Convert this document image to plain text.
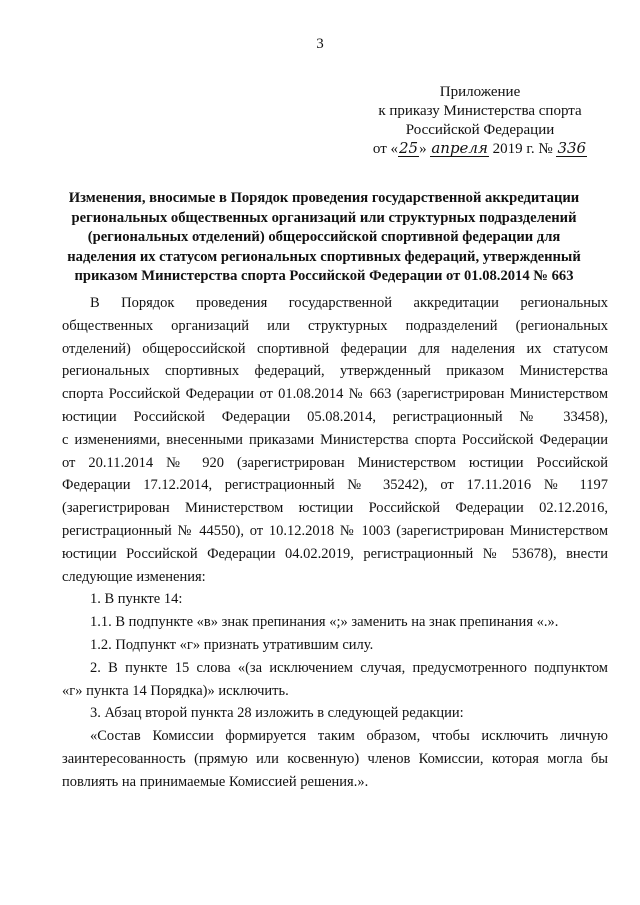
3
Приложение
к приказу Министерства спорта
Российской Федерации
от «25» апреля 2019 г. № 336
Изменения, вносимые в Порядок проведения государственной аккредитации
региональных общественных организаций или структурных подразделений
(региональных отделений) общероссийской спортивной федерации для
наделения их статусом региональных спортивных федераций, утвержденный
приказом Министерства спорта Российской Федерации от 01.08.2014 № 663
В Порядок проведения государственной аккредитации региональных
общественных организаций или структурных подразделений (региональных
отделений) общероссийской спортивной федерации для наделения их статусом
региональных спортивных федераций, утвержденный приказом Министерства
спорта Российской Федерации от 01.08.2014 № 663 (зарегистрирован Министерством
юстиции Российской Федерации 05.08.2014, регистрационный № 33458),
с изменениями, внесенными приказами Министерства спорта Российской Федерации
от 20.11.2014 № 920 (зарегистрирован Министерством юстиции Российской
Федерации 17.12.2014, регистрационный № 35242), от 17.11.2016 № 1197
(зарегистрирован Министерством юстиции Российской Федерации 02.12.2016,
регистрационный № 44550), от 10.12.2018 № 1003 (зарегистрирован Министерством
юстиции Российской Федерации 04.02.2019, регистрационный № 53678), внести
следующие изменения:
1. В пункте 14:
1.1. В подпункте «в» знак препинания «;» заменить на знак препинания «.».
1.2. Подпункт «г» признать утратившим силу.
2. В пункте 15 слова «(за исключением случая, предусмотренного подпунктом
«г» пункта 14 Порядка)» исключить.
3. Абзац второй пункта 28 изложить в следующей редакции:
«Состав Комиссии формируется таким образом, чтобы исключить личную
заинтересованность (прямую или косвенную) членов Комиссии, которая могла бы
повлиять на принимаемые Комиссией решения.».
